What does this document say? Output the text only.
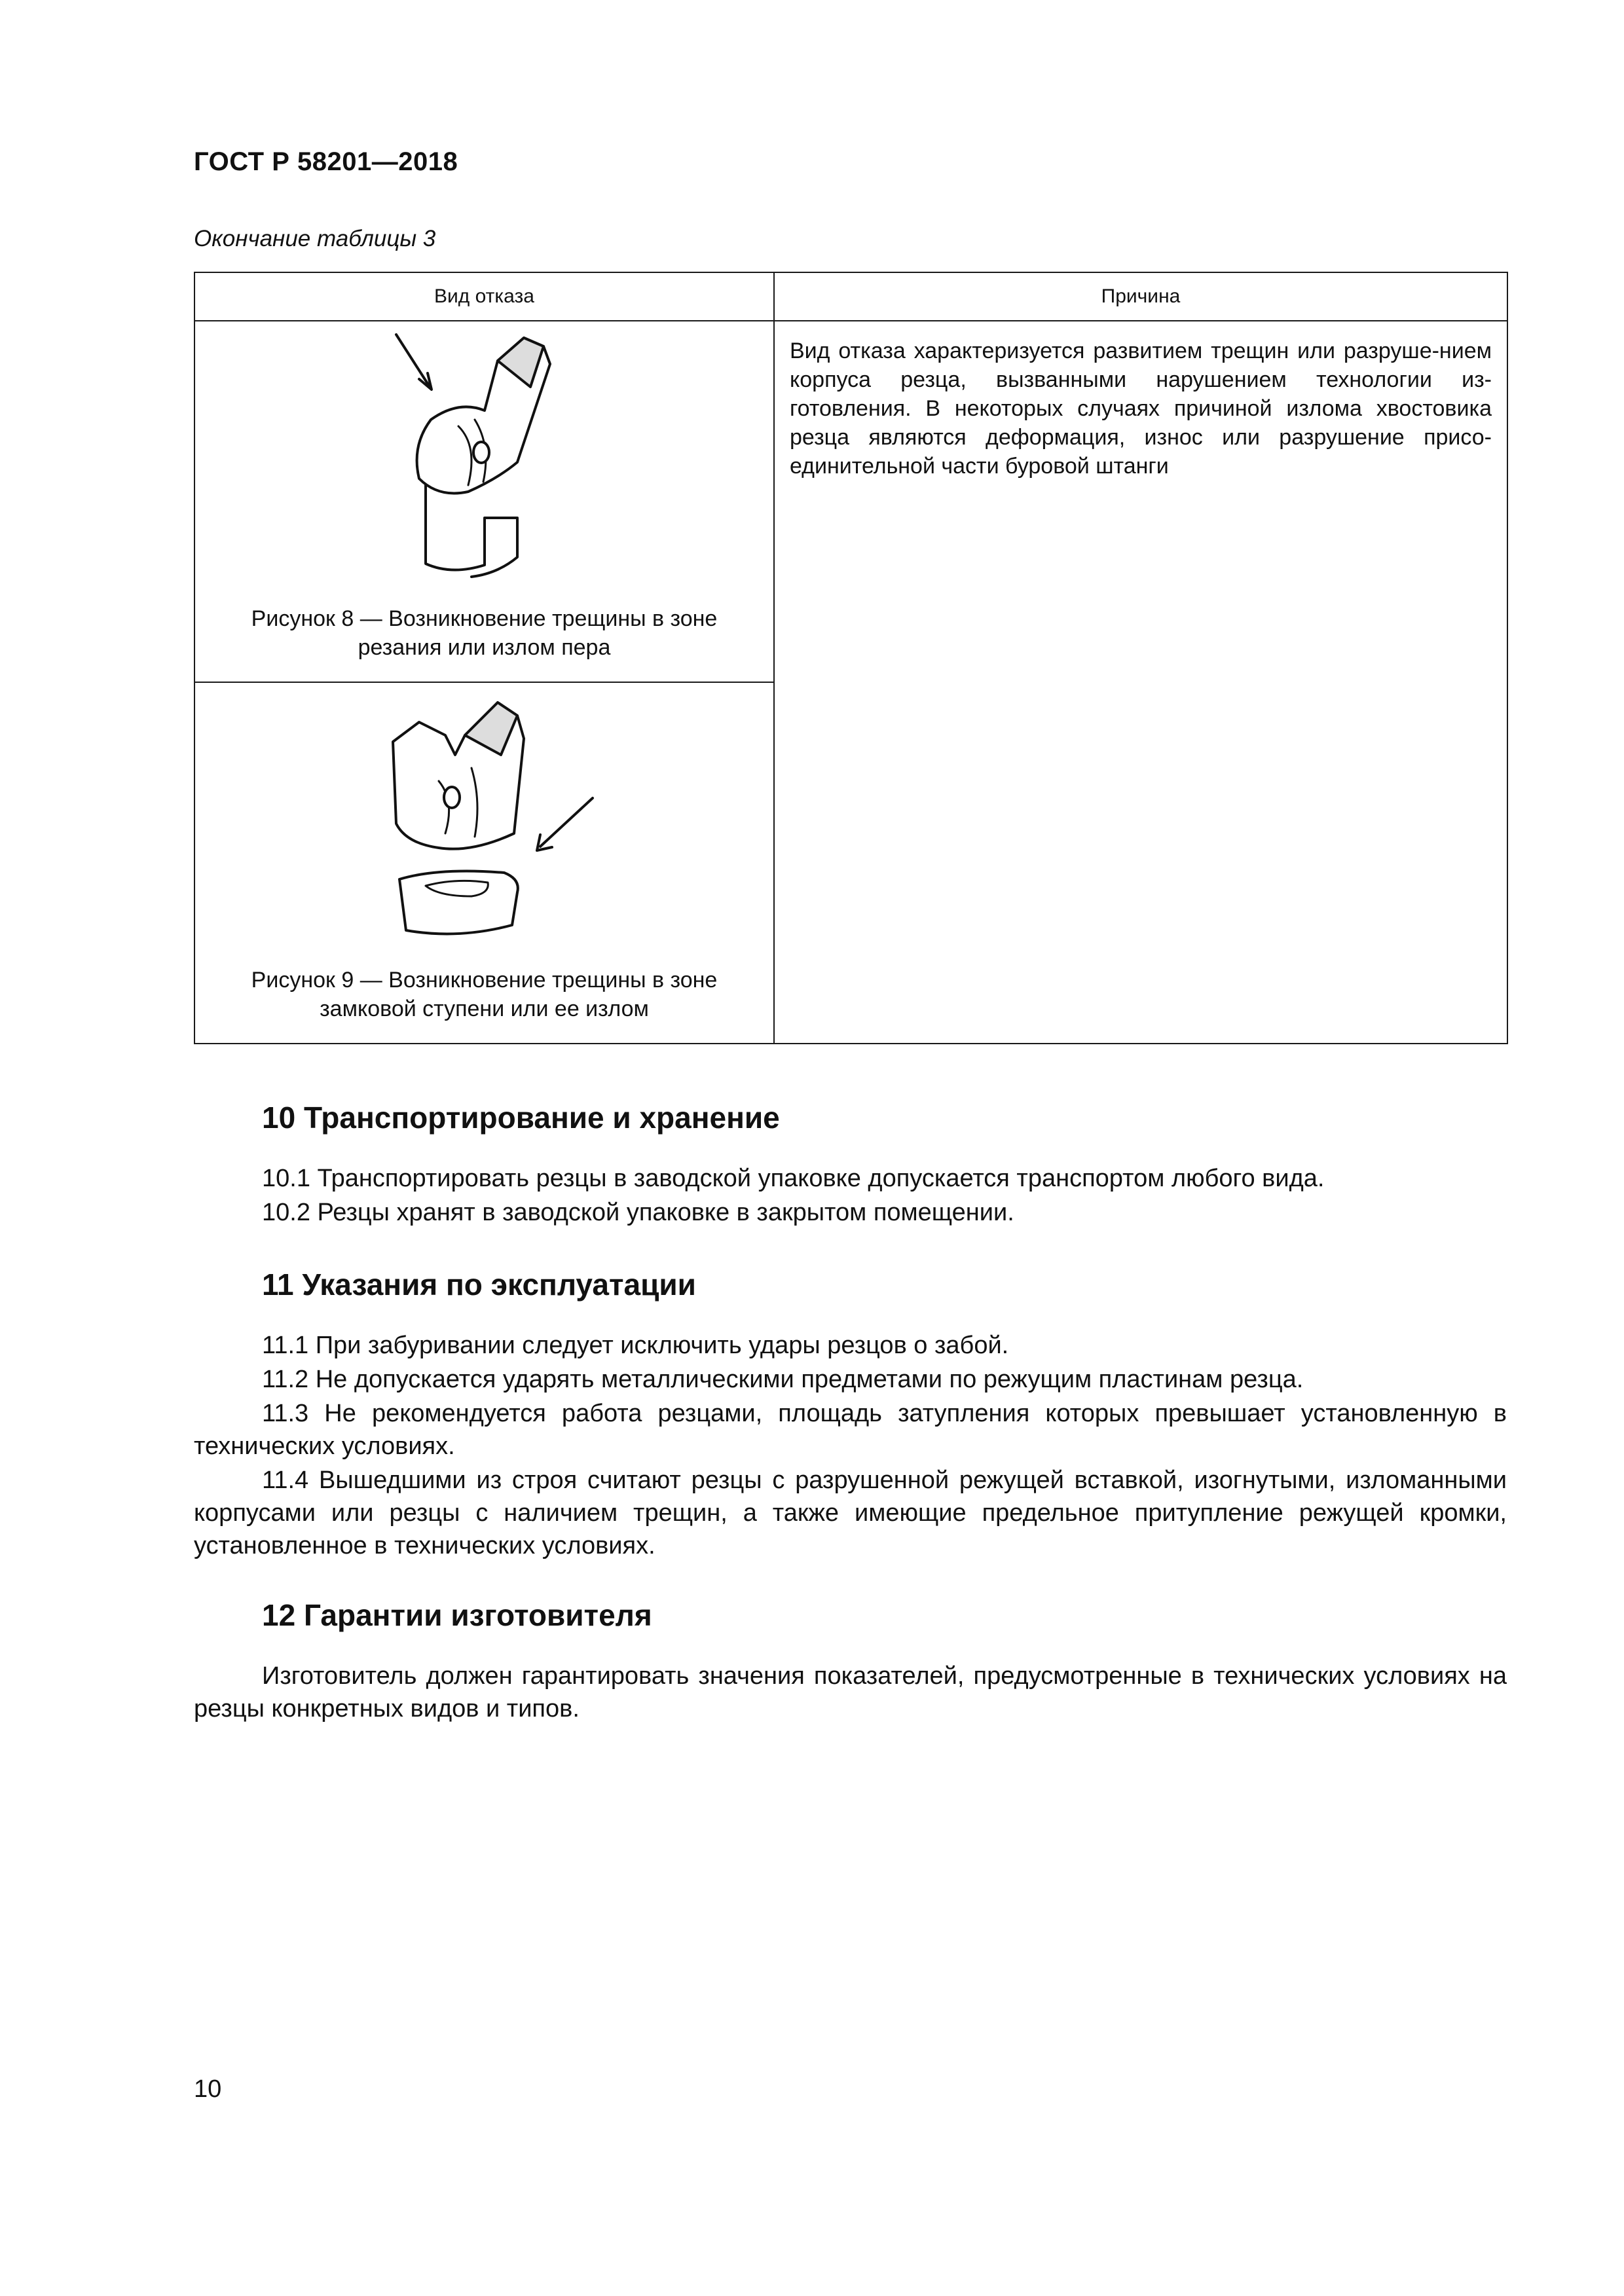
ГОСТ Р 58201—2018
Окончание таблицы 3
Вид отказа	Причина

Рисунок 8 — Возникновение трещины в зоне
резания или излом пера	Вид отказа характеризуется развитием трещин или разруше-нием корпуса резца, вызванными нарушением технологии из-готовления. В некоторых случаях причиной излома хвостовика резца являются деформация, износ или разрушение присо-единительной части буровой штанги

Рисунок 9 — Возникновение трещины в зоне
замковой ступени или ее излом	
10 Транспортирование и хранение

10.1 Транспортировать резцы в заводской упаковке допускается транспортом любого вида.

10.2 Резцы хранят в заводской упаковке в закрытом помещении.

11 Указания по эксплуатации

11.1 При забуривании следует исключить удары резцов о забой.

11.2 Не допускается ударять металлическими предметами по режущим пластинам резца.

11.3 Не рекомендуется работа резцами, площадь затупления которых превышает установленную в технических условиях.

11.4 Вышедшими из строя считают резцы с разрушенной режущей вставкой, изогнутыми, изломанными корпусами или резцы с наличием трещин, а также имеющие предельное притупление режущей кромки, установленное в технических условиях.

12 Гарантии изготовителя

Изготовитель должен гарантировать значения показателей, предусмотренные в технических условиях на резцы конкретных видов и типов.

10
